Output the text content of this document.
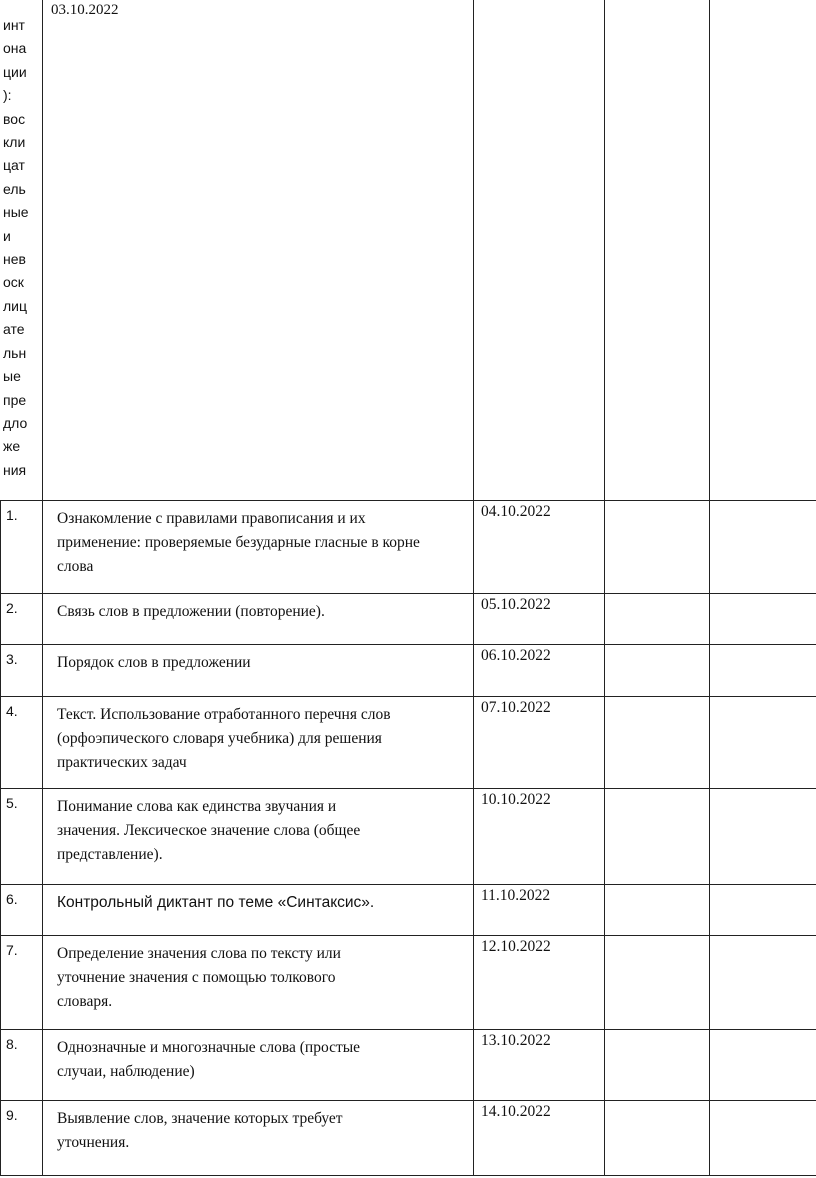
инт
она
ции
):
вос
кли
цат
ель
ные
и
нев
оск
лиц
ате
льн
ые
пре
дло
же
ния
03.10.2022
1.	Ознакомление с правилами правописания и их
применение: проверяемые безударные гласные в корне
слова
04.10.2022
2.	Связь слов в предложении (повторение).	05.10.2022
3.	Порядок слов в предложении	06.10.2022
4.	Текст. Использование отработанного перечня слов
(орфоэпического словаря учебника) для решения
практических задач
07.10.2022
5.	Понимание слова как единства звучания и
значения. Лексическое значение слова (общее
представление).
10.10.2022
6.	Контрольный диктант по теме «Синтаксис».	11.10.2022
7.	Определение значения слова по тексту или
уточнение значения с помощью толкового
словаря.
12.10.2022
8.	Однозначные и многозначные слова (простые
случаи, наблюдение)
13.10.2022
9.	Выявление слов, значение которых требует
уточнения.
14.10.2022
